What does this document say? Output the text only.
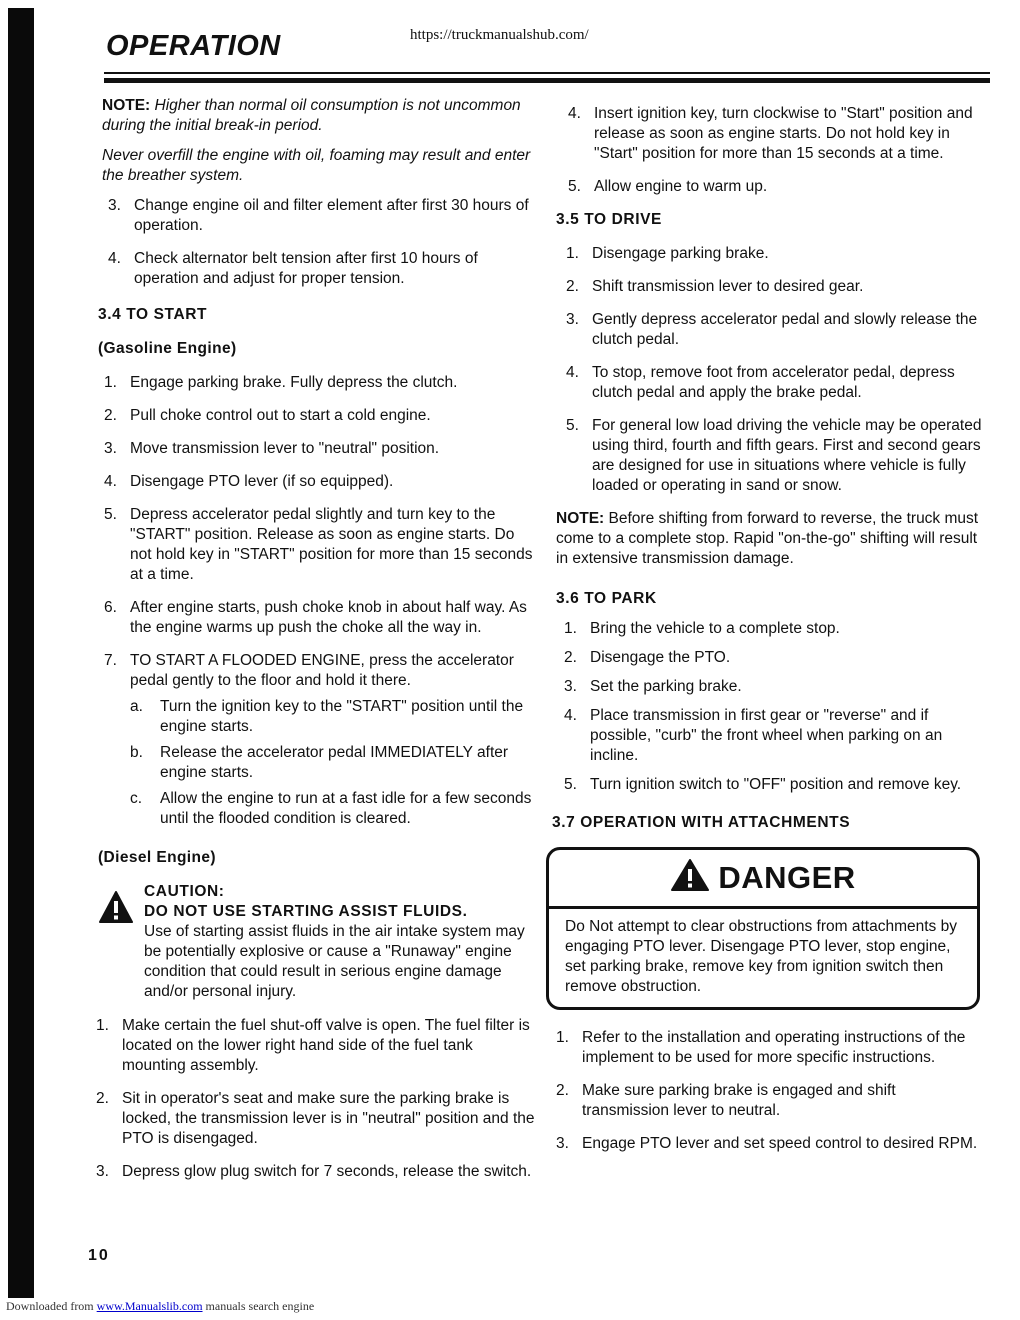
OPERATION	https://truckmanualshub.com/

NOTE: Higher than normal oil consumption is not uncommon during the initial break-in period.

Never overfill the engine with oil, foaming may result and enter the breather system.

3. Change engine oil and filter element after first 30 hours of operation.
4. Check alternator belt tension after first 10 hours of operation and adjust for proper tension.
3.4 TO START
(Gasoline Engine)
1. Engage parking brake. Fully depress the clutch.
2. Pull choke control out to start a cold engine.
3. Move transmission lever to "neutral" position.
4. Disengage PTO lever (if so equipped).
5. Depress accelerator pedal slightly and turn key to the "START" position. Release as soon as engine starts. Do not hold key in "START" position for more than 15 seconds at a time.
6. After engine starts, push choke knob in about half way. As the engine warms up push the choke all the way in.
7. TO START A FLOODED ENGINE, press the accelerator pedal gently to the floor and hold it there.
a.	Turn the ignition key to the "START" position until the engine starts.
b.	Release the accelerator pedal IMMEDIATELY after engine starts.
c.	Allow the engine to run at a fast idle for a few seconds until the flooded condition is cleared.
(Diesel Engine)
CAUTION:
DO NOT USE STARTING ASSIST FLUIDS.
Use of starting assist fluids in the air intake system may be potentially explosive or cause a "Runaway" engine condition that could result in serious engine damage and/or personal injury.
1. Make certain the fuel shut-off valve is open. The fuel filter is located on the lower right hand side of the fuel tank mounting assembly.
2. Sit in operator's seat and make sure the parking brake is locked, the transmission lever is in "neutral" position and the PTO is disengaged.
3. Depress glow plug switch for 7 seconds, release the switch.
4. Insert ignition key, turn clockwise to "Start" position and release as soon as engine starts. Do not hold key in "Start" position for more than 15 seconds at a time.
5. Allow engine to warm up.
3.5 TO DRIVE
1. Disengage parking brake.
2. Shift transmission lever to desired gear.
3. Gently depress accelerator pedal and slowly release the clutch pedal.
4. To stop, remove foot from accelerator pedal, depress clutch pedal and apply the brake pedal.
5. For general low load driving the vehicle may be operated using third, fourth and fifth gears. First and second gears are designed for use in situations where vehicle is fully loaded or operating in sand or snow.

NOTE: Before shifting from forward to reverse, the truck must come to a complete stop. Rapid "on-the-go" shifting will result in extensive transmission damage.

3.6 TO PARK
1. Bring the vehicle to a complete stop.
2. Disengage the PTO.
3. Set the parking brake.
4. Place transmission in first gear or "reverse" and if possible, "curb" the front wheel when parking on an incline.
5. Turn ignition switch to "OFF" position and remove key.
3.7 OPERATION WITH ATTACHMENTS
DANGER
Do Not attempt to clear obstructions from attachments by engaging PTO lever. Disengage PTO lever, stop engine, set parking brake, remove key from ignition switch then remove obstruction.
1. Refer to the installation and operating instructions of the implement to be used for more specific instructions.
2. Make sure parking brake is engaged and shift transmission lever to neutral.
3. Engage PTO lever and set speed control to desired RPM.
10
Downloaded from www.Manualslib.com manuals search engine
